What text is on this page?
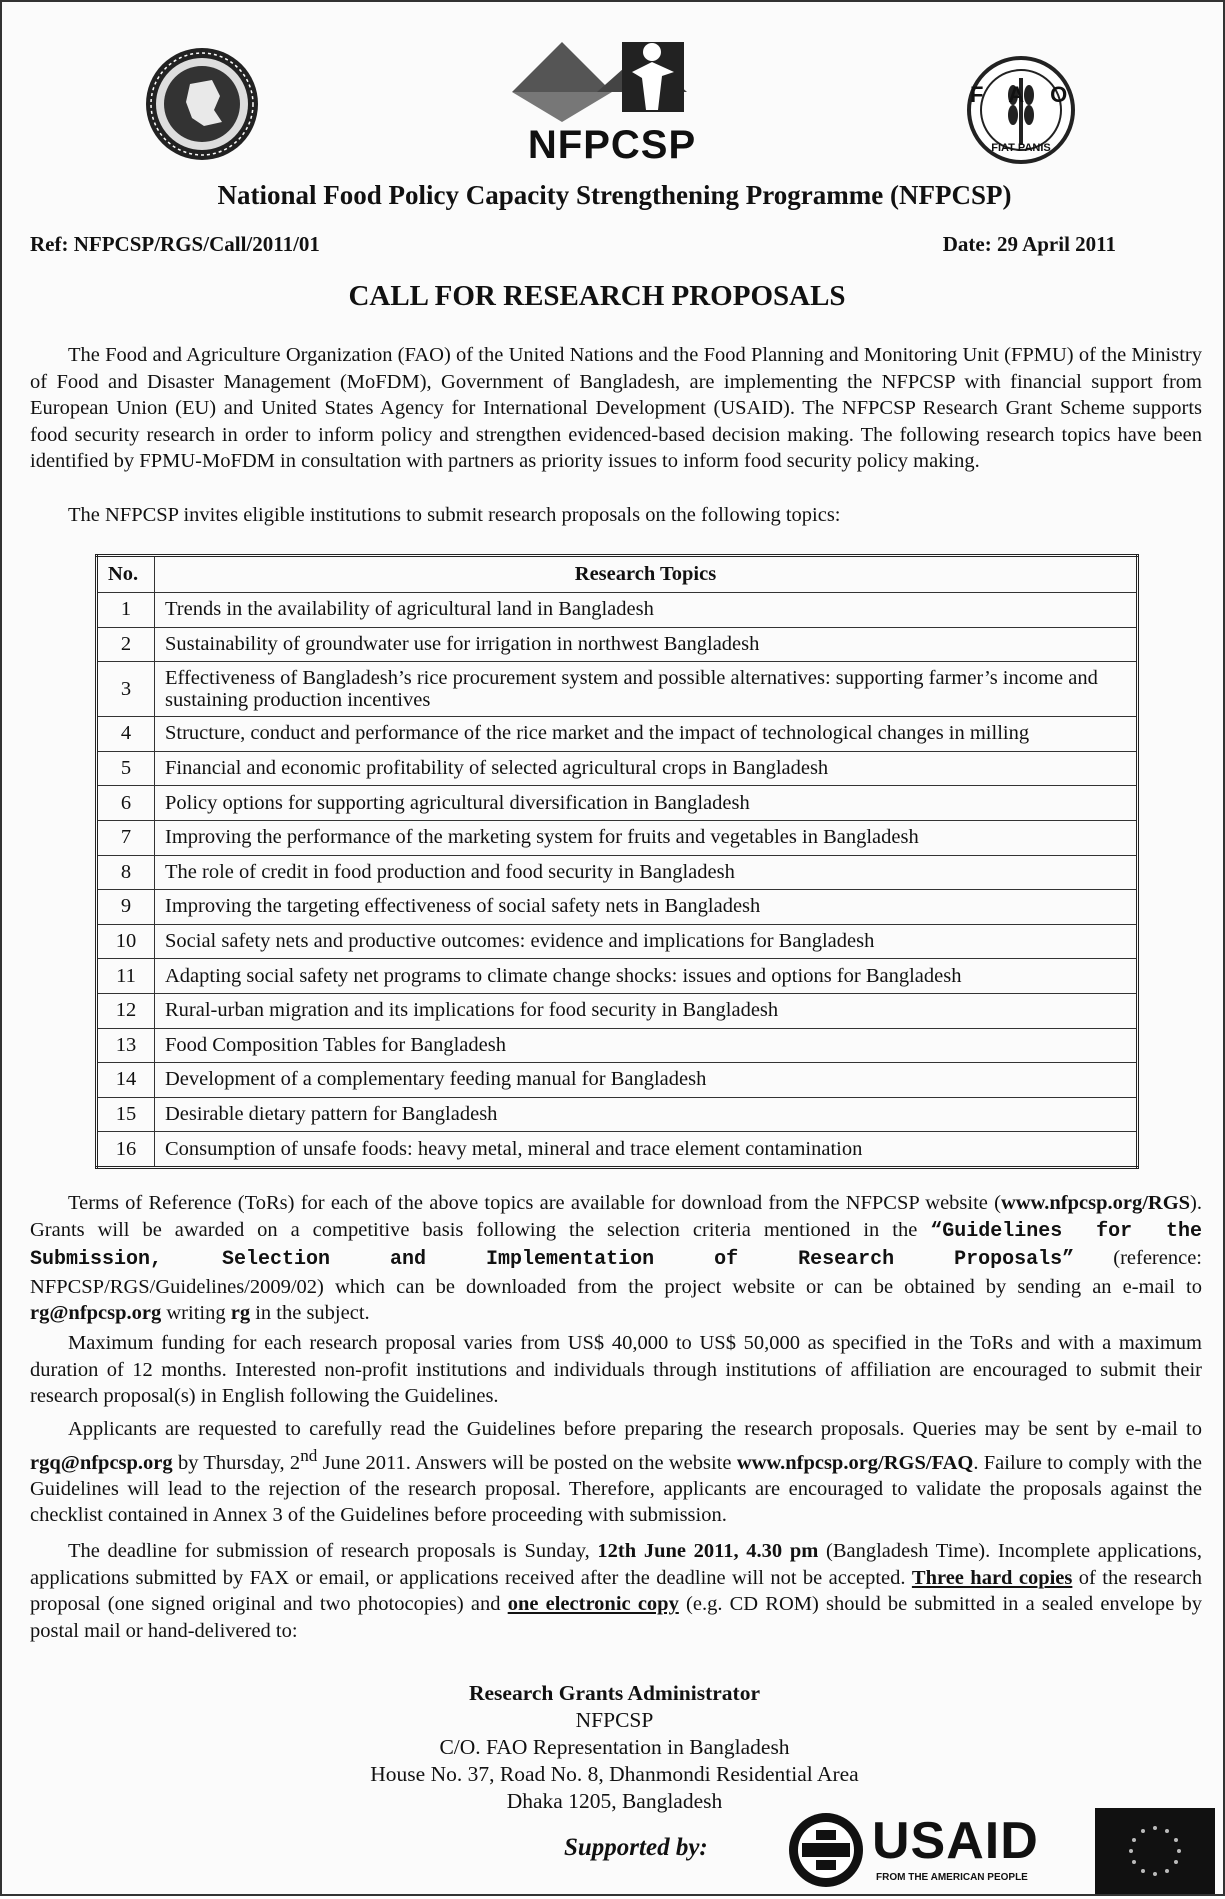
NFPCSP
FAO
FIAT PANIS
National Food Policy Capacity Strengthening Programme (NFPCSP)
Ref: NFPCSP/RGS/Call/2011/01	Date: 29 April 2011
CALL FOR RESEARCH PROPOSALS
The Food and Agriculture Organization (FAO) of the United Nations and the Food Planning and Monitoring Unit (FPMU) of the Ministry of Food and Disaster Management (MoFDM), Government of Bangladesh, are implementing the NFPCSP with financial support from European Union (EU) and United States Agency for International Development (USAID). The NFPCSP Research Grant Scheme supports food security research in order to inform policy and strengthen evidenced-based decision making. The following research topics have been identified by FPMU-MoFDM in consultation with partners as priority issues to inform food security policy making.
The NFPCSP invites eligible institutions to submit research proposals on the following topics:
No.	Research Topics
1	Trends in the availability of agricultural land in Bangladesh
2	Sustainability of groundwater use for irrigation in northwest Bangladesh
3	Effectiveness of Bangladesh’s rice procurement system and possible alternatives: supporting farmer’s income and sustaining production incentives
4	Structure, conduct and performance of the rice market and the impact of technological changes in milling
5	Financial and economic profitability of selected agricultural crops in Bangladesh
6	Policy options for supporting agricultural diversification in Bangladesh
7	Improving the performance of the marketing system for fruits and vegetables in Bangladesh
8	The role of credit in food production and food security in Bangladesh
9	Improving the targeting effectiveness of social safety nets in Bangladesh
10	Social safety nets and productive outcomes: evidence and implications for Bangladesh
11	Adapting social safety net programs to climate change shocks: issues and options for Bangladesh
12	Rural-urban migration and its implications for food security in Bangladesh
13	Food Composition Tables for Bangladesh
14	Development of a complementary feeding manual for Bangladesh
15	Desirable dietary pattern for Bangladesh
16	Consumption of unsafe foods: heavy metal, mineral and trace element contamination
Terms of Reference (ToRs) for each of the above topics are available for download from the NFPCSP website (www.nfpcsp.org/RGS). Grants will be awarded on a competitive basis following the selection criteria mentioned in the “Guidelines for the Submission, Selection and Implementation of Research Proposals” (reference: NFPCSP/RGS/Guidelines/2009/02) which can be downloaded from the project website or can be obtained by sending an e-mail to rg@nfpcsp.org writing rg in the subject.
Maximum funding for each research proposal varies from US$ 40,000 to US$ 50,000 as specified in the ToRs and with a maximum duration of 12 months. Interested non-profit institutions and individuals through institutions of affiliation are encouraged to submit their research proposal(s) in English following the Guidelines.
Applicants are requested to carefully read the Guidelines before preparing the research proposals. Queries may be sent by e-mail to rgq@nfpcsp.org by Thursday, 2nd June 2011. Answers will be posted on the website www.nfpcsp.org/RGS/FAQ. Failure to comply with the Guidelines will lead to the rejection of the research proposal. Therefore, applicants are encouraged to validate the proposals against the checklist contained in Annex 3 of the Guidelines before proceeding with submission.
The deadline for submission of research proposals is Sunday, 12th June 2011, 4.30 pm (Bangladesh Time). Incomplete applications, applications submitted by FAX or email, or applications received after the deadline will not be accepted. Three hard copies of the research proposal (one signed original and two photocopies) and one electronic copy (e.g. CD ROM) should be submitted in a sealed envelope by postal mail or hand-delivered to:
Research Grants Administrator
NFPCSP
C/O. FAO Representation in Bangladesh
House No. 37, Road No. 8, Dhanmondi Residential Area
Dhaka 1205, Bangladesh
Supported by:	USAID
FROM THE AMERICAN PEOPLE
